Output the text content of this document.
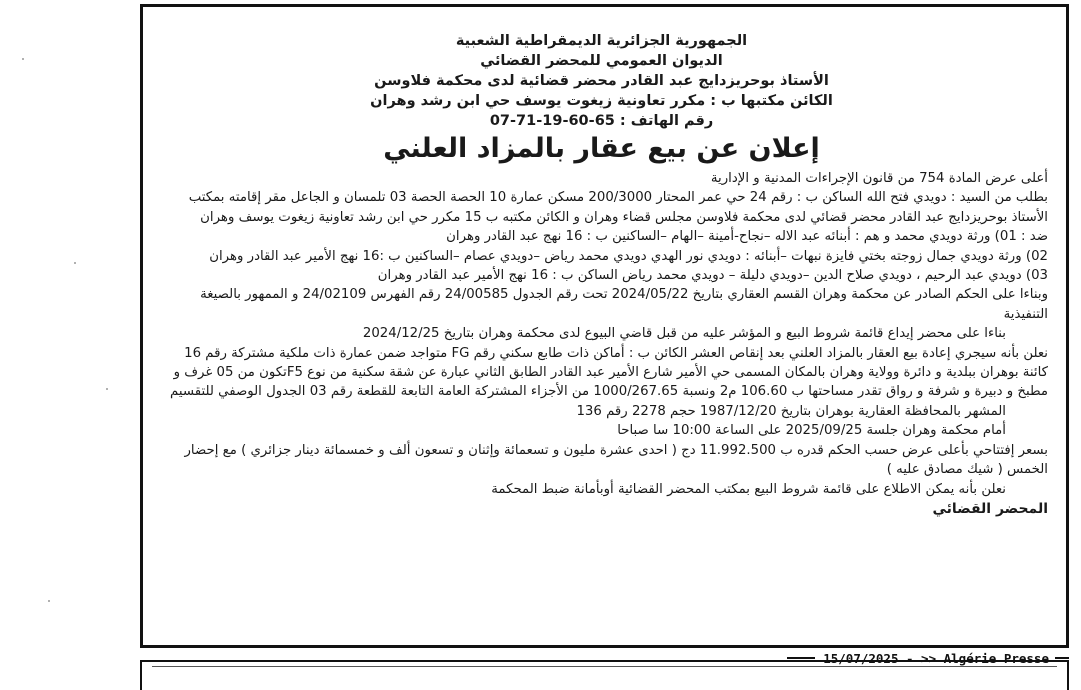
الجمهورية الجزائرية الديمقراطية الشعبية
الديوان العمومي للمحضر القضائي
الأستاذ بوحريزدايج عبد القادر محضر قضائية لدى محكمة فلاوسن
الكائن مكتبها ب : مكرر تعاونية زيغوت يوسف حي ابن رشد وهران
رقم الهاتف : 65-60-19-71-07
إعلان عن بيع عقار بالمزاد العلني

أعلى عرض المادة 754 من قانون الإجراءات المدنية و الإدارية

بطلب من السيد : دويدي فتح الله الساكن ب : رقم 24 حي عمر المحتار 200/3000 مسكن عمارة 10 الحصة الحصة 03 تلمسان و الجاعل مقر إقامته بمكتب الأستاذ بوحريزدايج عبد القادر محضر قضائي لدى محكمة فلاوسن مجلس قضاء وهران و الكائن مكتبه ب 15 مكرر حي ابن رشد تعاونية زيغوت يوسف وهران

ضد : 01) ورثة دويدي محمد و هم : أبنائه عبد الاله –نجاح-أمينة –الهام –الساكنين ب : 16 نهج عبد القادر وهران

02) ورثة دويدي جمال زوجته بختي فايزة نبهات –أبنائه : دويدي نور الهدي دويدي محمد رياض –دويدي عصام –الساكنين ب :16 نهج الأمير عبد القادر وهران

03) دويدي عبد الرحيم ، دويدي صلاح الدين –دويدي دليلة – دويدي محمد رياض الساكن ب : 16 نهج الأمير عبد القادر وهران

وبناءا على الحكم الصادر عن محكمة وهران القسم العقاري بتاريخ 2024/05/22 تحت رقم الجدول 24/00585 رقم الفهرس 24/02109 و الممهور بالصيغة التنفيذية

بناءا على محضر إيداع قائمة شروط البيع و المؤشر عليه من قبل قاضي البيوع لدى محكمة وهران بتاريخ 2024/12/25

نعلن بأنه سيجري إعادة بيع العقار بالمزاد العلني بعد إنقاص العشر الكائن ب : أماكن ذات طابع سكني رقم FG متواجد ضمن عمارة ذات ملكية مشتركة رقم 16 كائنة بوهران ببلدية و دائرة وولاية وهران بالمكان المسمى حي الأمير شارع الأمير عبد القادر الطابق الثاني عبارة عن شقة سكنية من نوع F5تكون من 05 غرف و مطبخ و دبيرة و شرفة و رواق تقدر مساحتها ب 106.60 م2 ونسبة 1000/267.65 من الأجزاء المشتركة العامة التابعة للقطعة رقم 03 الجدول الوصفي للتقسيم

المشهر بالمحافظة العقارية بوهران بتاريخ 1987/12/20 حجم 2278 رقم 136

أمام محكمة وهران جلسة 2025/09/25 على الساعة 10:00 سا صباحا

بسعر إفتتاحي بأعلى عرض حسب الحكم قدره ب 11.992.500 دج ( احدى عشرة مليون و تسعمائة وإثنان و تسعون ألف و خمسمائة دينار جزائري ) مع إحضار الخمس ( شيك مصادق عليه )

نعلن بأنه يمكن الاطلاع على قائمة شروط البيع بمكتب المحضر القضائية أوبأمانة ضبط المحكمة

المحضر القضائي
15/07/2025 - >> Algérie Presse
